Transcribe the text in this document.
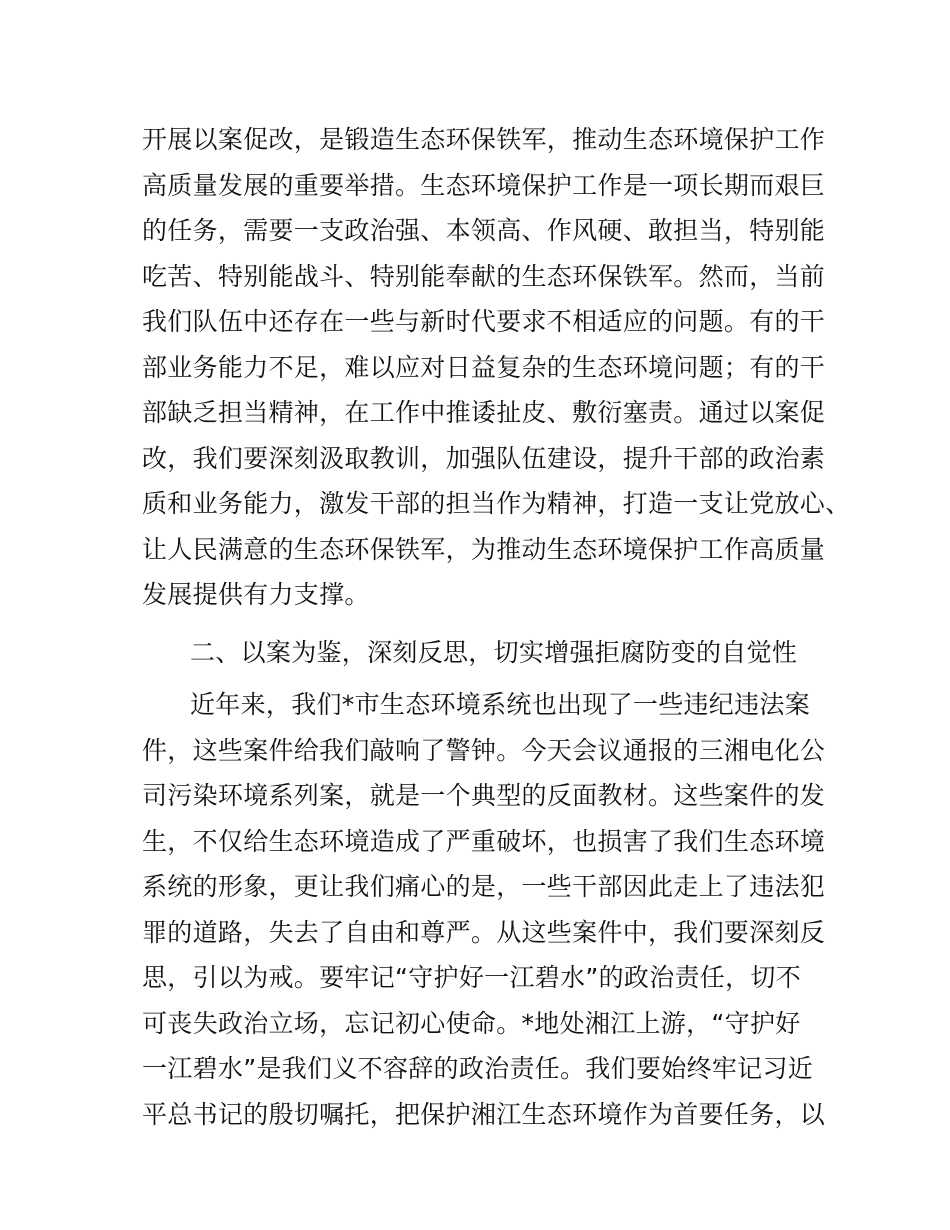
开展以案促改，是锻造生态环保铁军，推动生态环境保护工作
高质量发展的重要举措。生态环境保护工作是一项长期而艰巨
的任务，需要一支政治强、本领高、作风硬、敢担当，特别能
吃苦、特别能战斗、特别能奉献的生态环保铁军。然而，当前
我们队伍中还存在一些与新时代要求不相适应的问题。有的干
部业务能力不足，难以应对日益复杂的生态环境问题；有的干
部缺乏担当精神，在工作中推诿扯皮、敷衍塞责。通过以案促
改，我们要深刻汲取教训，加强队伍建设，提升干部的政治素
质和业务能力，激发干部的担当作为精神，打造一支让党放心、
让人民满意的生态环保铁军，为推动生态环境保护工作高质量
发展提供有力支撑。
二、以案为鉴，深刻反思，切实增强拒腐防变的自觉性
近年来，我们*市生态环境系统也出现了一些违纪违法案
件，这些案件给我们敲响了警钟。今天会议通报的三湘电化公
司污染环境系列案，就是一个典型的反面教材。这些案件的发
生，不仅给生态环境造成了严重破坏，也损害了我们生态环境
系统的形象，更让我们痛心的是，一些干部因此走上了违法犯
罪的道路，失去了自由和尊严。从这些案件中，我们要深刻反
思，引以为戒。要牢记“守护好一江碧水”的政治责任，切不
可丧失政治立场，忘记初心使命。*地处湘江上游，“守护好
一江碧水”是我们义不容辞的政治责任。我们要始终牢记习近
平总书记的殷切嘱托，把保护湘江生态环境作为首要任务，以
